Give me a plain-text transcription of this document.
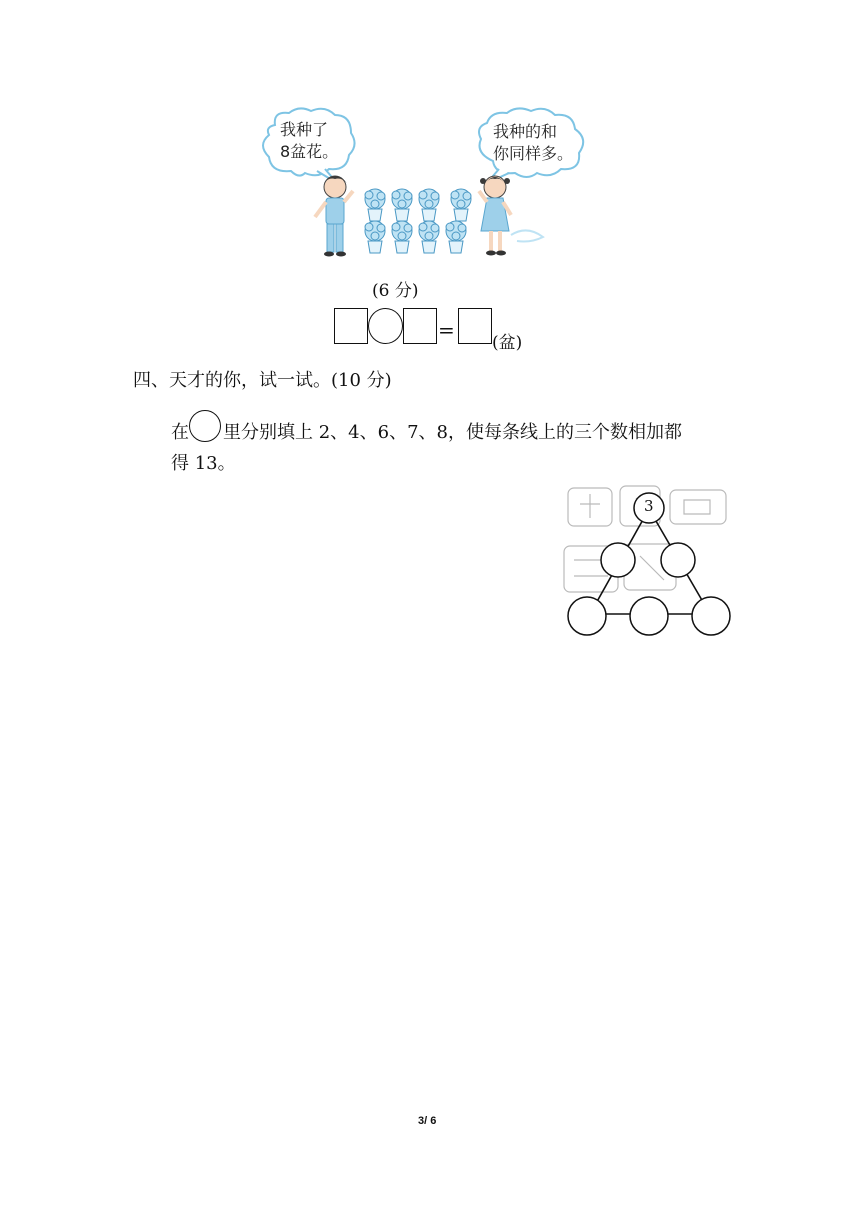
我种了
8盆花。
我种的和
你同样多。
(6 分)
=
(盆)
四、天才的你，试一试。(10 分)
在 里分别填上 2、4、6、7、8，使每条线上的三个数相加都
得 13。
3
3/ 6
